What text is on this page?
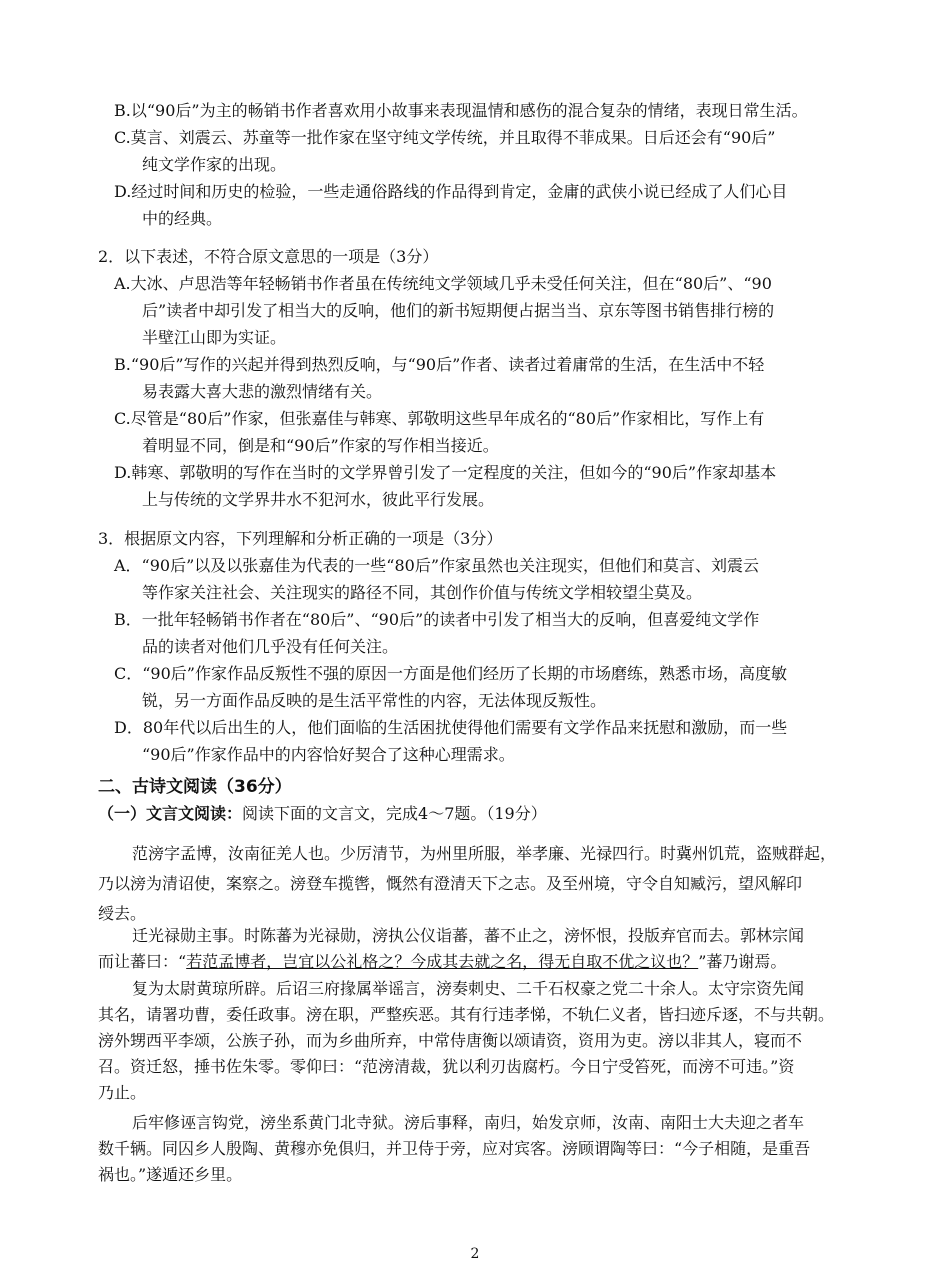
B.以“90后”为主的畅销书作者喜欢用小故事来表现温情和感伤的混合复杂的情绪，表现日常生活。
C.莫言、刘震云、苏童等一批作家在坚守纯文学传统，并且取得不菲成果。日后还会有“90后”
纯文学作家的出现。
D.经过时间和历史的检验，一些走通俗路线的作品得到肯定，金庸的武侠小说已经成了人们心目
中的经典。
2．以下表述，不符合原文意思的一项是（3分）
A.大冰、卢思浩等年轻畅销书作者虽在传统纯文学领域几乎未受任何关注，但在“80后”、“90
后”读者中却引发了相当大的反响，他们的新书短期便占据当当、京东等图书销售排行榜的
半壁江山即为实证。
B.“90后”写作的兴起并得到热烈反响，与“90后”作者、读者过着庸常的生活，在生活中不轻
易表露大喜大悲的激烈情绪有关。
C.尽管是“80后”作家，但张嘉佳与韩寒、郭敬明这些早年成名的“80后”作家相比，写作上有
着明显不同，倒是和“90后”作家的写作相当接近。
D.韩寒、郭敬明的写作在当时的文学界曾引发了一定程度的关注，但如今的“90后”作家却基本
上与传统的文学界井水不犯河水，彼此平行发展。
3．根据原文内容，下列理解和分析正确的一项是（3分）
A．“90后”以及以张嘉佳为代表的一些“80后”作家虽然也关注现实，但他们和莫言、刘震云
等作家关注社会、关注现实的路径不同，其创作价值与传统文学相较望尘莫及。
B．一批年轻畅销书作者在“80后”、“90后”的读者中引发了相当大的反响，但喜爱纯文学作
品的读者对他们几乎没有任何关注。
C．“90后”作家作品反叛性不强的原因一方面是他们经历了长期的市场磨练，熟悉市场，高度敏
锐，另一方面作品反映的是生活平常性的内容，无法体现反叛性。
D．80年代以后出生的人，他们面临的生活困扰使得他们需要有文学作品来抚慰和激励，而一些
“90后”作家作品中的内容恰好契合了这种心理需求。
二、古诗文阅读（36分）
（一）文言文阅读：阅读下面的文言文，完成4～7题。（19分）
范滂字孟博，汝南征羌人也。少厉清节，为州里所服，举孝廉、光禄四行。时冀州饥荒，盗贼群起，
乃以滂为清诏使，案察之。滂登车揽辔，慨然有澄清天下之志。及至州境，守令自知臧污，望风解印
绶去。
迁光禄勋主事。时陈蕃为光禄勋，滂执公仪诣蕃，蕃不止之，滂怀恨，投版弃官而去。郭林宗闻
而让蕃曰：“若范孟博者，岂宜以公礼格之？今成其去就之名，得无自取不优之议也？”蕃乃谢焉。
复为太尉黄琼所辟。后诏三府掾属举谣言，滂奏刺史、二千石权豪之党二十余人。太守宗资先闻
其名，请署功曹，委任政事。滂在职，严整疾恶。其有行违孝悌，不轨仁义者，皆扫迹斥逐，不与共朝。
滂外甥西平李颂，公族子孙，而为乡曲所弃，中常侍唐衡以颂请资，资用为吏。滂以非其人，寝而不
召。资迁怒，捶书佐朱零。零仰曰：“范滂清裁，犹以利刃齿腐朽。今日宁受笞死，而滂不可违。”资
乃止。
后牢修诬言钩党，滂坐系黄门北寺狱。滂后事释，南归，始发京师，汝南、南阳士大夫迎之者车
数千辆。同囚乡人殷陶、黄穆亦免俱归，并卫侍于旁，应对宾客。滂顾谓陶等曰：“今子相随，是重吾
祸也。”遂遁还乡里。
2
